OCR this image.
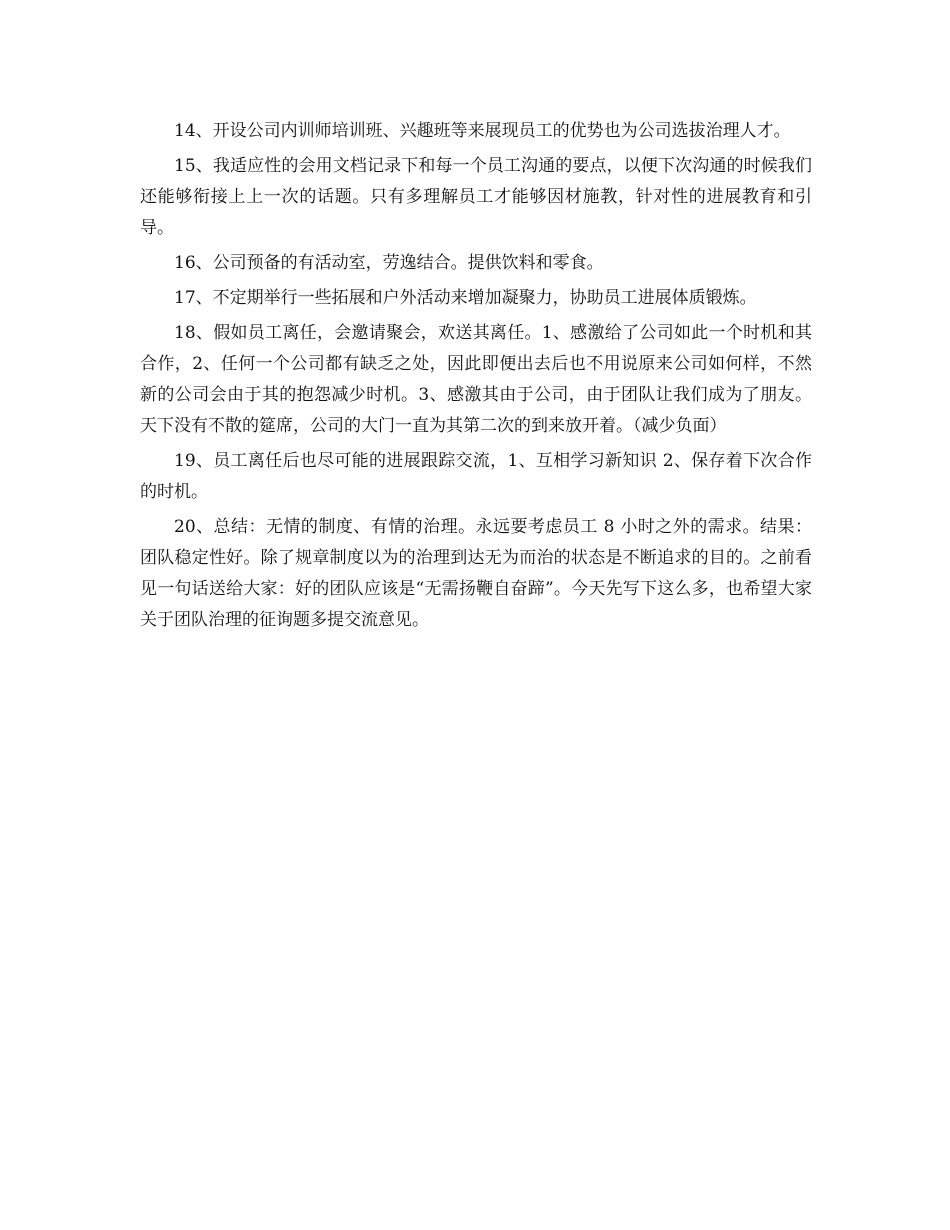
14、开设公司内训师培训班、兴趣班等来展现员工的优势也为公司选拔治理人才。

15、我适应性的会用文档记录下和每一个员工沟通的要点，以便下次沟通的时候我们还能够衔接上上一次的话题。只有多理解员工才能够因材施教，针对性的进展教育和引导。

16、公司预备的有活动室，劳逸结合。提供饮料和零食。

17、不定期举行一些拓展和户外活动来增加凝聚力，协助员工进展体质锻炼。

18、假如员工离任，会邀请聚会，欢送其离任。1、感激给了公司如此一个时机和其合作，2、任何一个公司都有缺乏之处，因此即便出去后也不用说原来公司如何样，不然新的公司会由于其的抱怨减少时机。3、感激其由于公司，由于团队让我们成为了朋友。天下没有不散的筵席，公司的大门一直为其第二次的到来放开着。（减少负面）

19、员工离任后也尽可能的进展跟踪交流，1、互相学习新知识 2、保存着下次合作的时机。

20、总结：无情的制度、有情的治理。永远要考虑员工 8 小时之外的需求。结果：团队稳定性好。除了规章制度以为的治理到达无为而治的状态是不断追求的目的。之前看见一句话送给大家：好的团队应该是“无需扬鞭自奋蹄”。今天先写下这么多，也希望大家关于团队治理的征询题多提交流意见。
